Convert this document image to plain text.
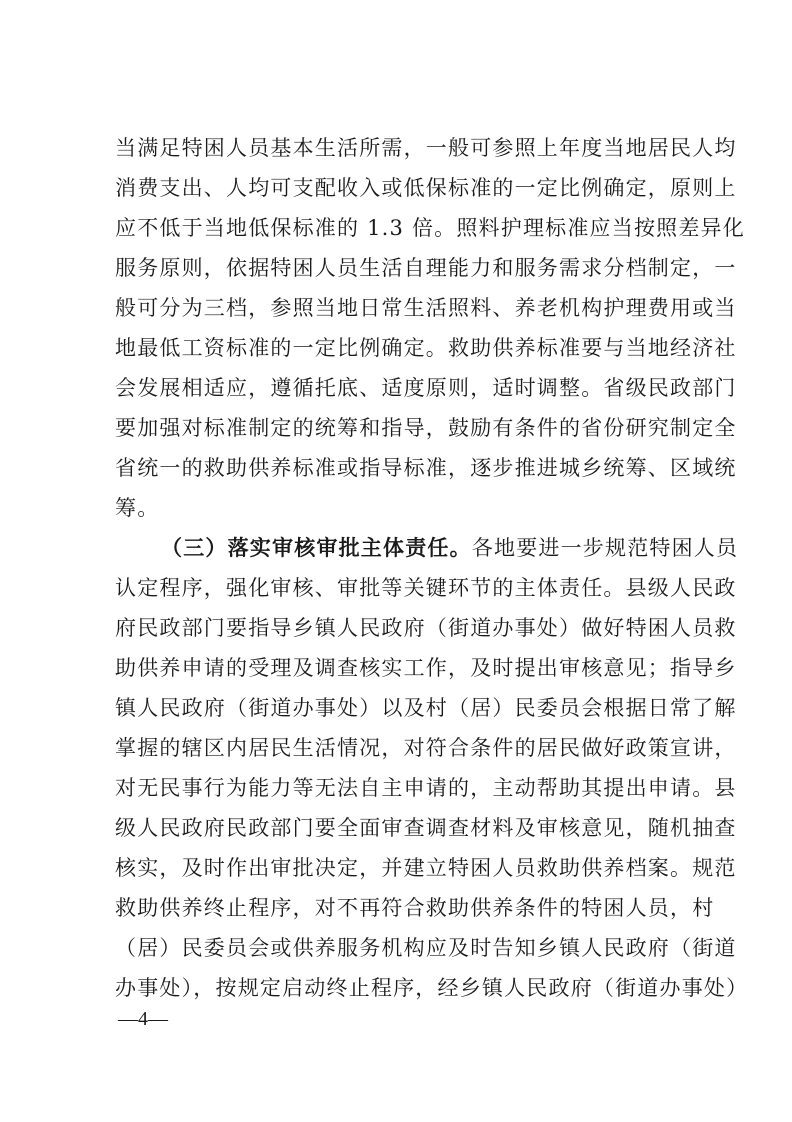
当满足特困人员基本生活所需，一般可参照上年度当地居民人均
消费支出、人均可支配收入或低保标准的一定比例确定，原则上
应不低于当地低保标准的 1.3 倍。照料护理标准应当按照差异化
服务原则，依据特困人员生活自理能力和服务需求分档制定，一
般可分为三档，参照当地日常生活照料、养老机构护理费用或当
地最低工资标准的一定比例确定。救助供养标准要与当地经济社
会发展相适应，遵循托底、适度原则，适时调整。省级民政部门
要加强对标准制定的统筹和指导，鼓励有条件的省份研究制定全
省统一的救助供养标准或指导标准，逐步推进城乡统筹、区域统
筹。
（三）落实审核审批主体责任。各地要进一步规范特困人员
认定程序，强化审核、审批等关键环节的主体责任。县级人民政
府民政部门要指导乡镇人民政府（街道办事处）做好特困人员救
助供养申请的受理及调查核实工作，及时提出审核意见；指导乡
镇人民政府（街道办事处）以及村（居）民委员会根据日常了解
掌握的辖区内居民生活情况，对符合条件的居民做好政策宣讲，
对无民事行为能力等无法自主申请的，主动帮助其提出申请。县
级人民政府民政部门要全面审查调查材料及审核意见，随机抽查
核实，及时作出审批决定，并建立特困人员救助供养档案。规范
救助供养终止程序，对不再符合救助供养条件的特困人员，村
（居）民委员会或供养服务机构应及时告知乡镇人民政府（街道
办事处），按规定启动终止程序，经乡镇人民政府（街道办事处）
—4—
